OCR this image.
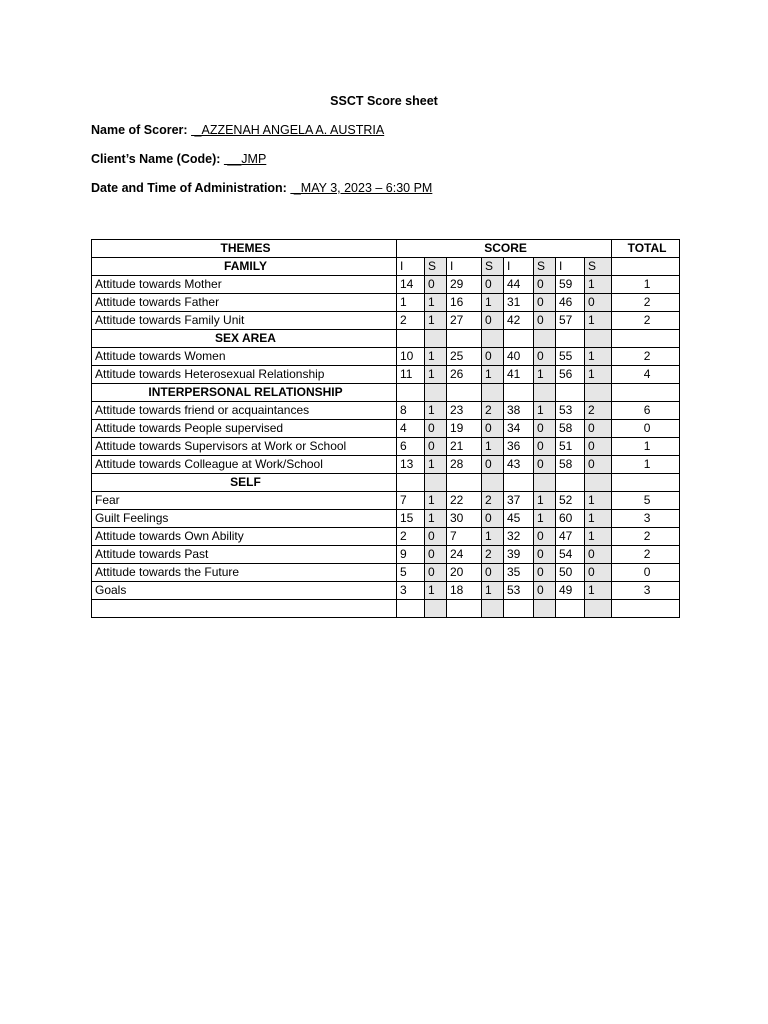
SSCT Score sheet
Name of Scorer:  _AZZENAH ANGELA A. AUSTRIA
Client’s Name (Code):  __JMP
Date and Time of Administration:  _MAY 3, 2023 – 6:30 PM
THEMES	SCORE								TOTAL
FAMILY	I	S	I	S	I	S	I	S	
Attitude towards Mother	14	0	29	0	44	0	59	1	1
Attitude towards Father	1	1	16	1	31	0	46	0	2
Attitude towards Family Unit	2	1	27	0	42	0	57	1	2
SEX AREA									
Attitude towards Women	10	1	25	0	40	0	55	1	2
Attitude towards Heterosexual Relationship	11	1	26	1	41	1	56	1	4
INTERPERSONAL RELATIONSHIP									
Attitude towards friend or acquaintances	8	1	23	2	38	1	53	2	6
Attitude towards People supervised	4	0	19	0	34	0	58	0	0
Attitude towards Supervisors at Work or School	6	0	21	1	36	0	51	0	1
Attitude towards Colleague at Work/School	13	1	28	0	43	0	58	0	1
SELF									
Fear	7	1	22	2	37	1	52	1	5
Guilt Feelings	15	1	30	0	45	1	60	1	3
Attitude towards Own Ability	2	0	7	1	32	0	47	1	2
Attitude towards Past	9	0	24	2	39	0	54	0	2
Attitude towards the Future	5	0	20	0	35	0	50	0	0
Goals	3	1	18	1	53	0	49	1	3
